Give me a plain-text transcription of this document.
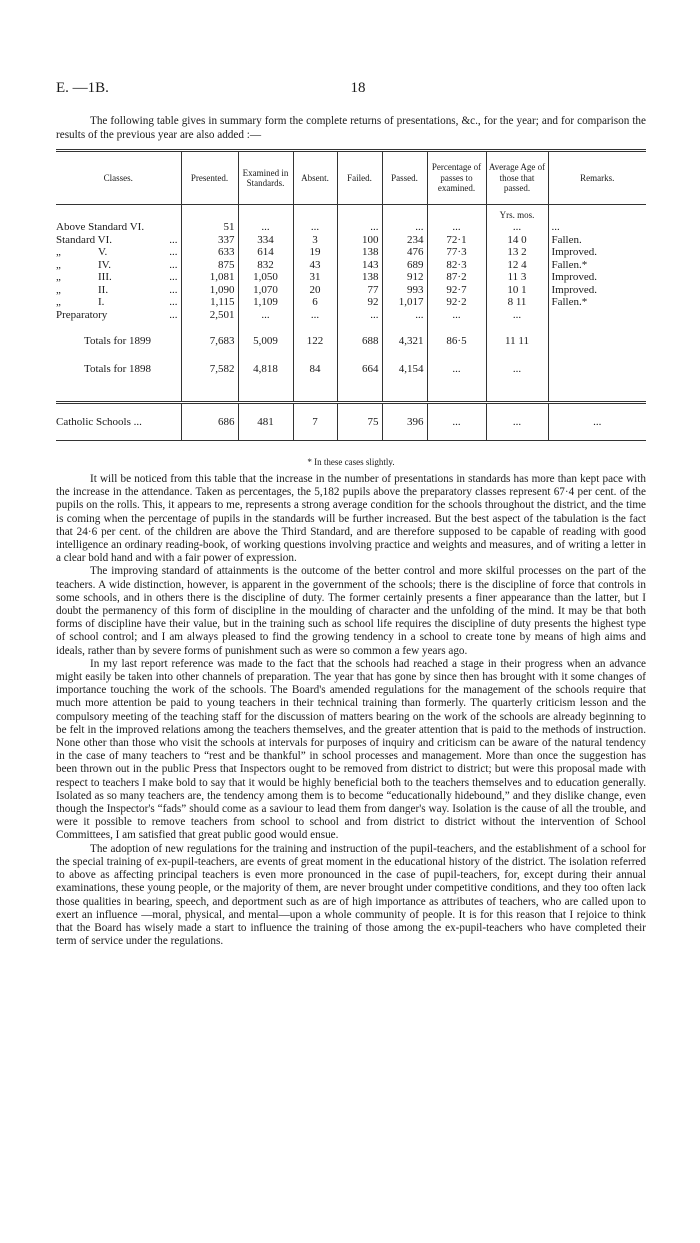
E. —1B.	18

The following table gives in summary form the complete returns of presentations, &c., for the year; and for comparison the results of the previous year are also added :—

Classes.	Presented.	Examined in Standards.	Absent.	Failed.	Passed.	Percentage of passes to examined.	Average Age of those that passed.	Remarks.
							Yrs. mos.	

Above Standard VI.	51	...	...	...	...	...	...	...

Standard VI. ...	337	334	3	100	234	72·1	14 0	Fallen.

„ V. ...	633	614	19	138	476	77·3	13 2	Improved.

„ IV. ...	875	832	43	143	689	82·3	12 4	Fallen.*

„ III. ...	1,081	1,050	31	138	912	87·2	11 3	Improved.

„ II. ...	1,090	1,070	20	77	993	92·7	10 1	Improved.

„ I. ...	1,115	1,109	6	92	1,017	92·2	8 11	Fallen.*

Preparatory ...	2,501	...	...	...	...	...	...	
Totals for 1899	7,683	5,009	122	688	4,321	86·5	11 11	
Totals for 1898	7,582	4,818	84	664	4,154	...	...	

Catholic Schools ...	686	481	7	75	396	...	...	...
* In these cases slightly.

It will be noticed from this table that the increase in the number of presentations in standards has more than kept pace with the increase in the attendance. Taken as percentages, the 5,182 pupils above the preparatory classes represent 67·4 per cent. of the pupils on the rolls. This, it appears to me, represents a strong average condition for the schools throughout the district, and the time is coming when the percentage of pupils in the standards will be further increased. But the best aspect of the tabulation is the fact that 24·6 per cent. of the children are above the Third Standard, and are therefore supposed to be capable of reading with good intelligence an ordinary reading-book, of working questions involving practice and weights and measures, and of writing a letter in a clear bold hand and with a fair power of expression.

The improving standard of attainments is the outcome of the better control and more skilful processes on the part of the teachers. A wide distinction, however, is apparent in the government of the schools; there is the discipline of force that controls in some schools, and in others there is the discipline of duty. The former certainly presents a finer appearance than the latter, but I doubt the permanency of this form of discipline in the moulding of character and the unfolding of the mind. It may be that both forms of discipline have their value, but in the training such as school life requires the discipline of duty presents the highest type of school control; and I am always pleased to find the growing tendency in a school to create tone by means of high aims and ideals, rather than by severe forms of punishment such as were so common a few years ago.

In my last report reference was made to the fact that the schools had reached a stage in their progress when an advance might easily be taken into other channels of preparation. The year that has gone by since then has brought with it some changes of importance touching the work of the schools. The Board's amended regulations for the management of the schools require that much more attention be paid to young teachers in their technical training than formerly. The quarterly criticism lesson and the compulsory meeting of the teaching staff for the discussion of matters bearing on the work of the schools are already beginning to be felt in the improved relations among the teachers themselves, and the greater attention that is paid to the methods of instruction. None other than those who visit the schools at intervals for purposes of inquiry and criticism can be aware of the natural tendency in the case of many teachers to “rest and be thankful” in school processes and management. More than once the suggestion has been thrown out in the public Press that Inspectors ought to be removed from district to district; but were this proposal made with respect to teachers I make bold to say that it would be highly beneficial both to the teachers themselves and to education generally. Isolated as so many teachers are, the tendency among them is to become “educationally hidebound,” and they dislike change, even though the Inspector's “fads” should come as a saviour to lead them from danger's way. Isolation is the cause of all the trouble, and were it possible to remove teachers from school to school and from district to district without the intervention of School Committees, I am satisfied that great public good would ensue.

The adoption of new regulations for the training and instruction of the pupil-teachers, and the establishment of a school for the special training of ex-pupil-teachers, are events of great moment in the educational history of the district. The isolation referred to above as affecting principal teachers is even more pronounced in the case of pupil-teachers, for, except during their annual examinations, these young people, or the majority of them, are never brought under competitive conditions, and they too often lack those qualities in bearing, speech, and deportment such as are of high importance as attributes of teachers, who are called upon to exert an influence —moral, physical, and mental—upon a whole community of people. It is for this reason that I rejoice to think that the Board has wisely made a start to influence the training of those among the ex-pupil-teachers who have completed their term of service under the regulations.
